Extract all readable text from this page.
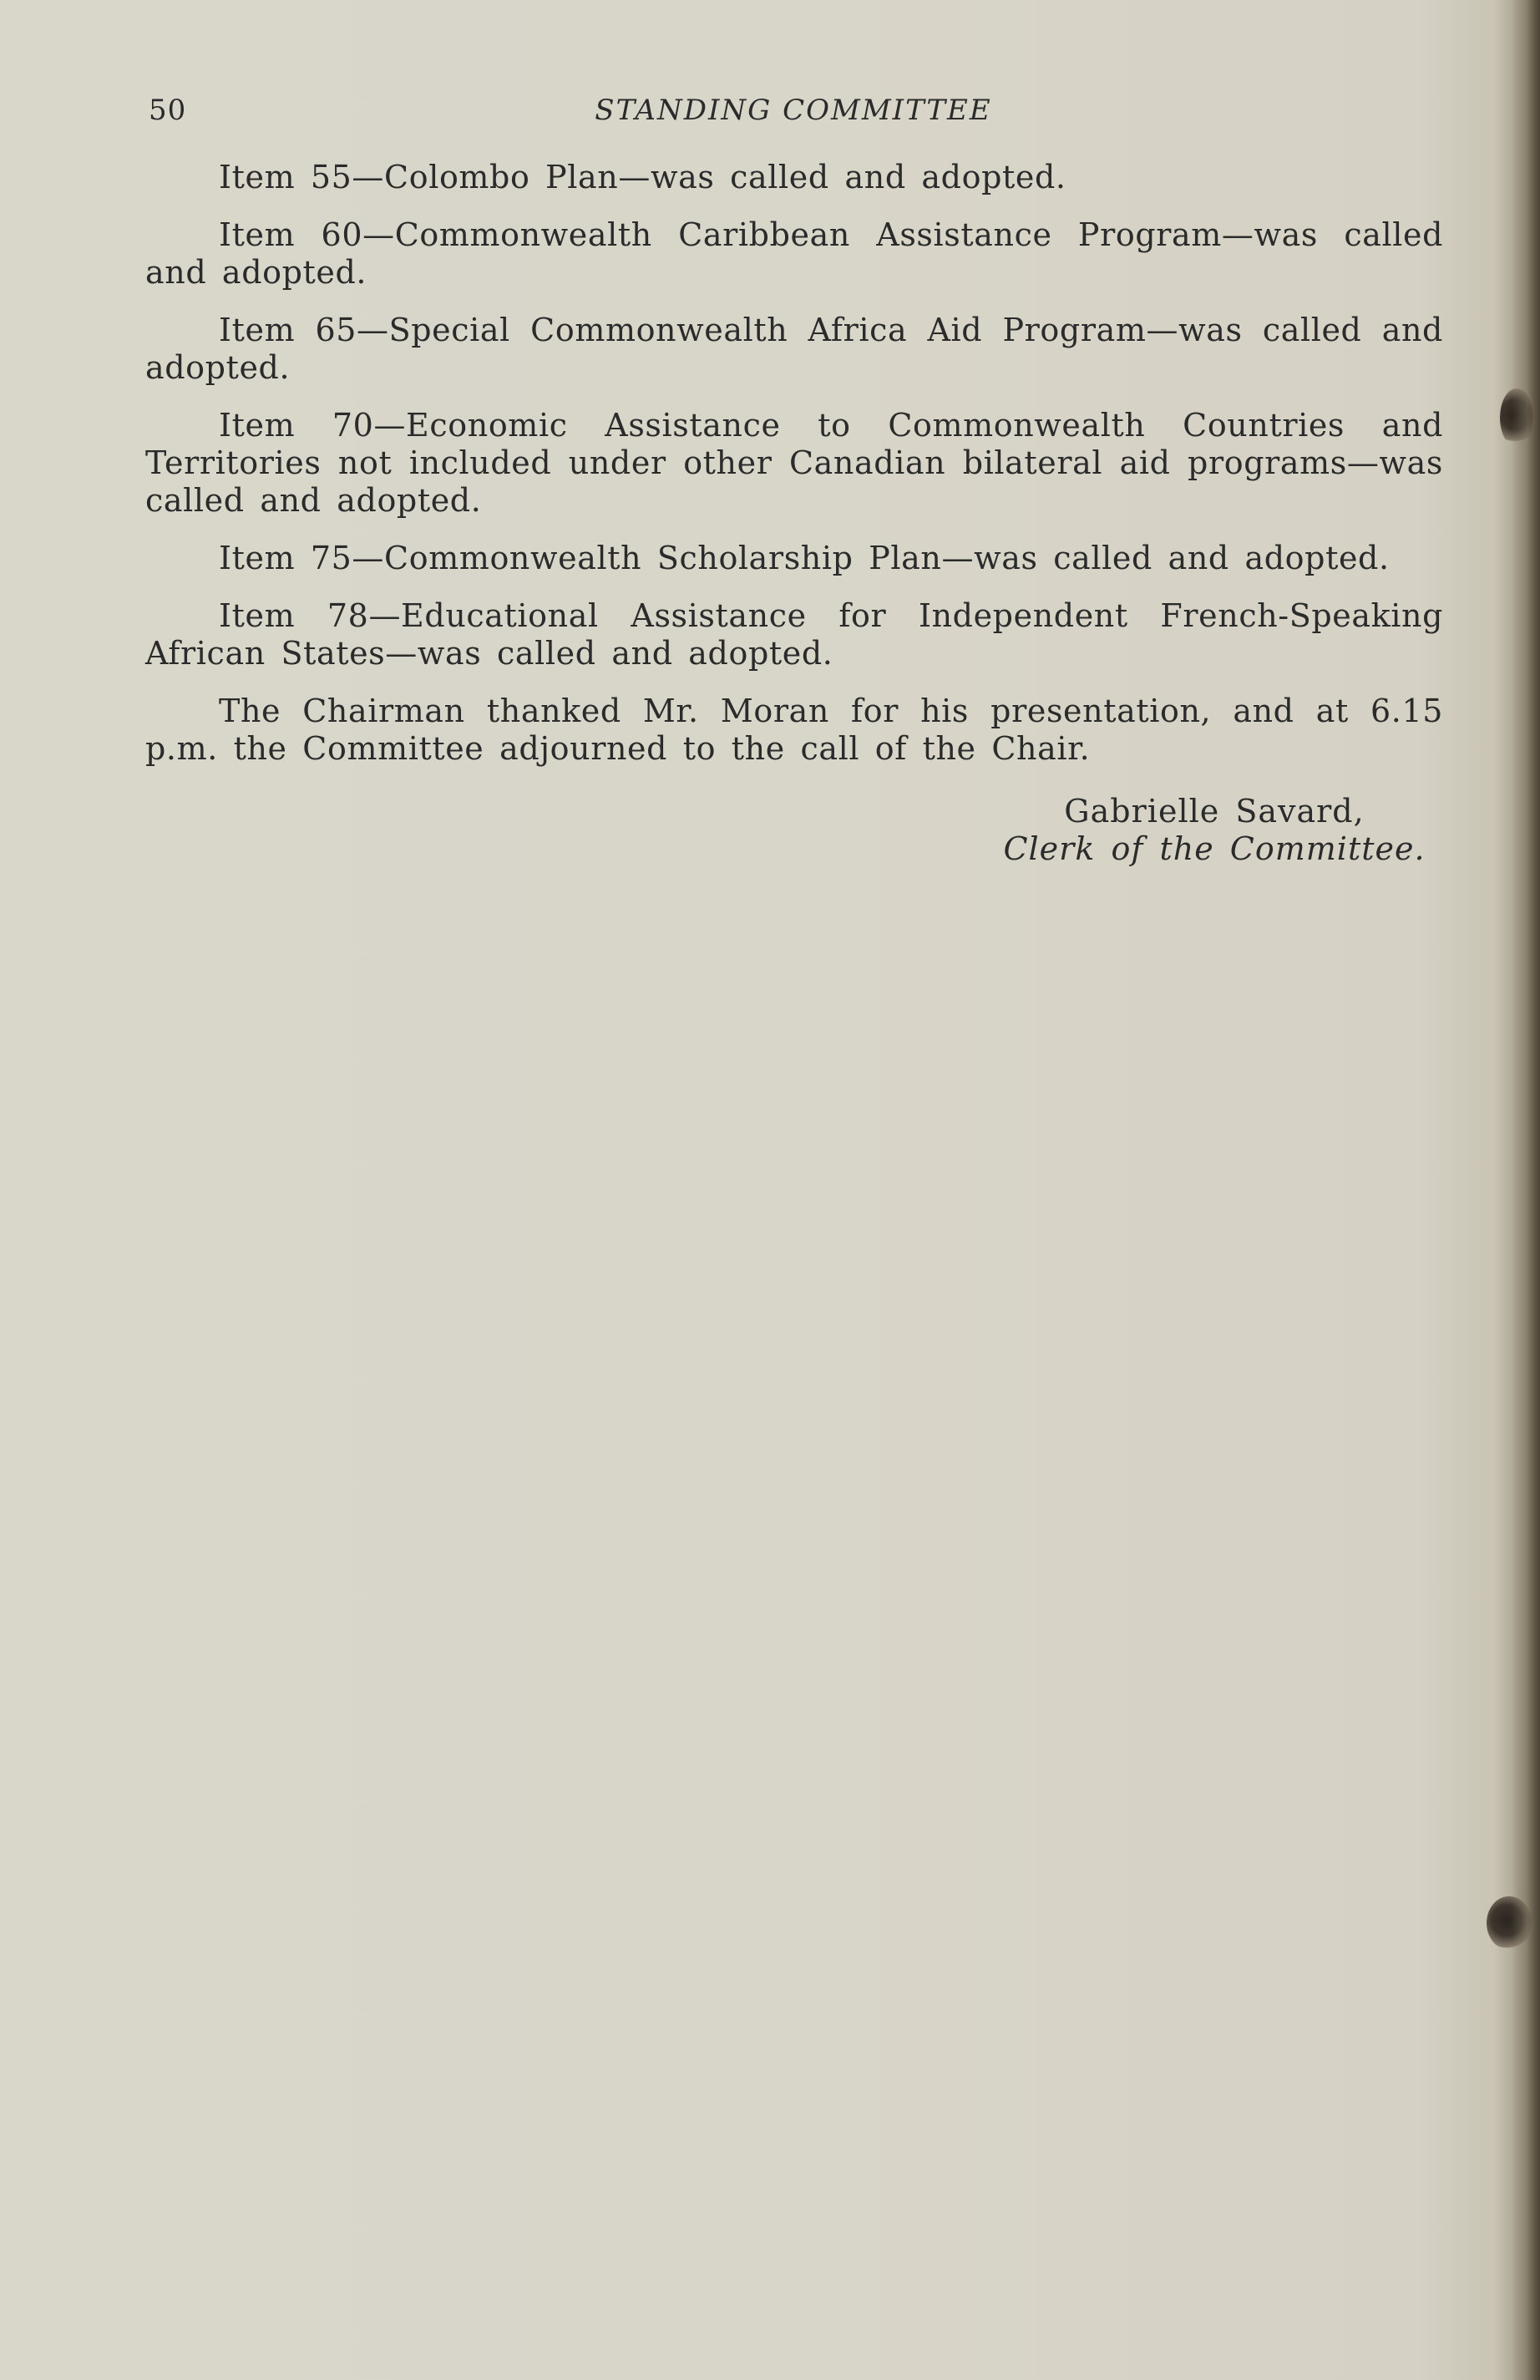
50	STANDING COMMITTEE

Item 55—Colombo Plan—was called and adopted.

Item 60—Commonwealth Caribbean Assistance Program—was called and adopted.

Item 65—Special Commonwealth Africa Aid Program—was called and adopted.

Item 70—Economic Assistance to Commonwealth Countries and Territories not included under other Canadian bilateral aid programs—was called and adopted.

Item 75—Commonwealth Scholarship Plan—was called and adopted.

Item 78—Educational Assistance for Independent French-Speaking African States—was called and adopted.

The Chairman thanked Mr. Moran for his presentation, and at 6.15 p.m. the Committee adjourned to the call of the Chair.

Gabrielle Savard,
Clerk of the Committee.
